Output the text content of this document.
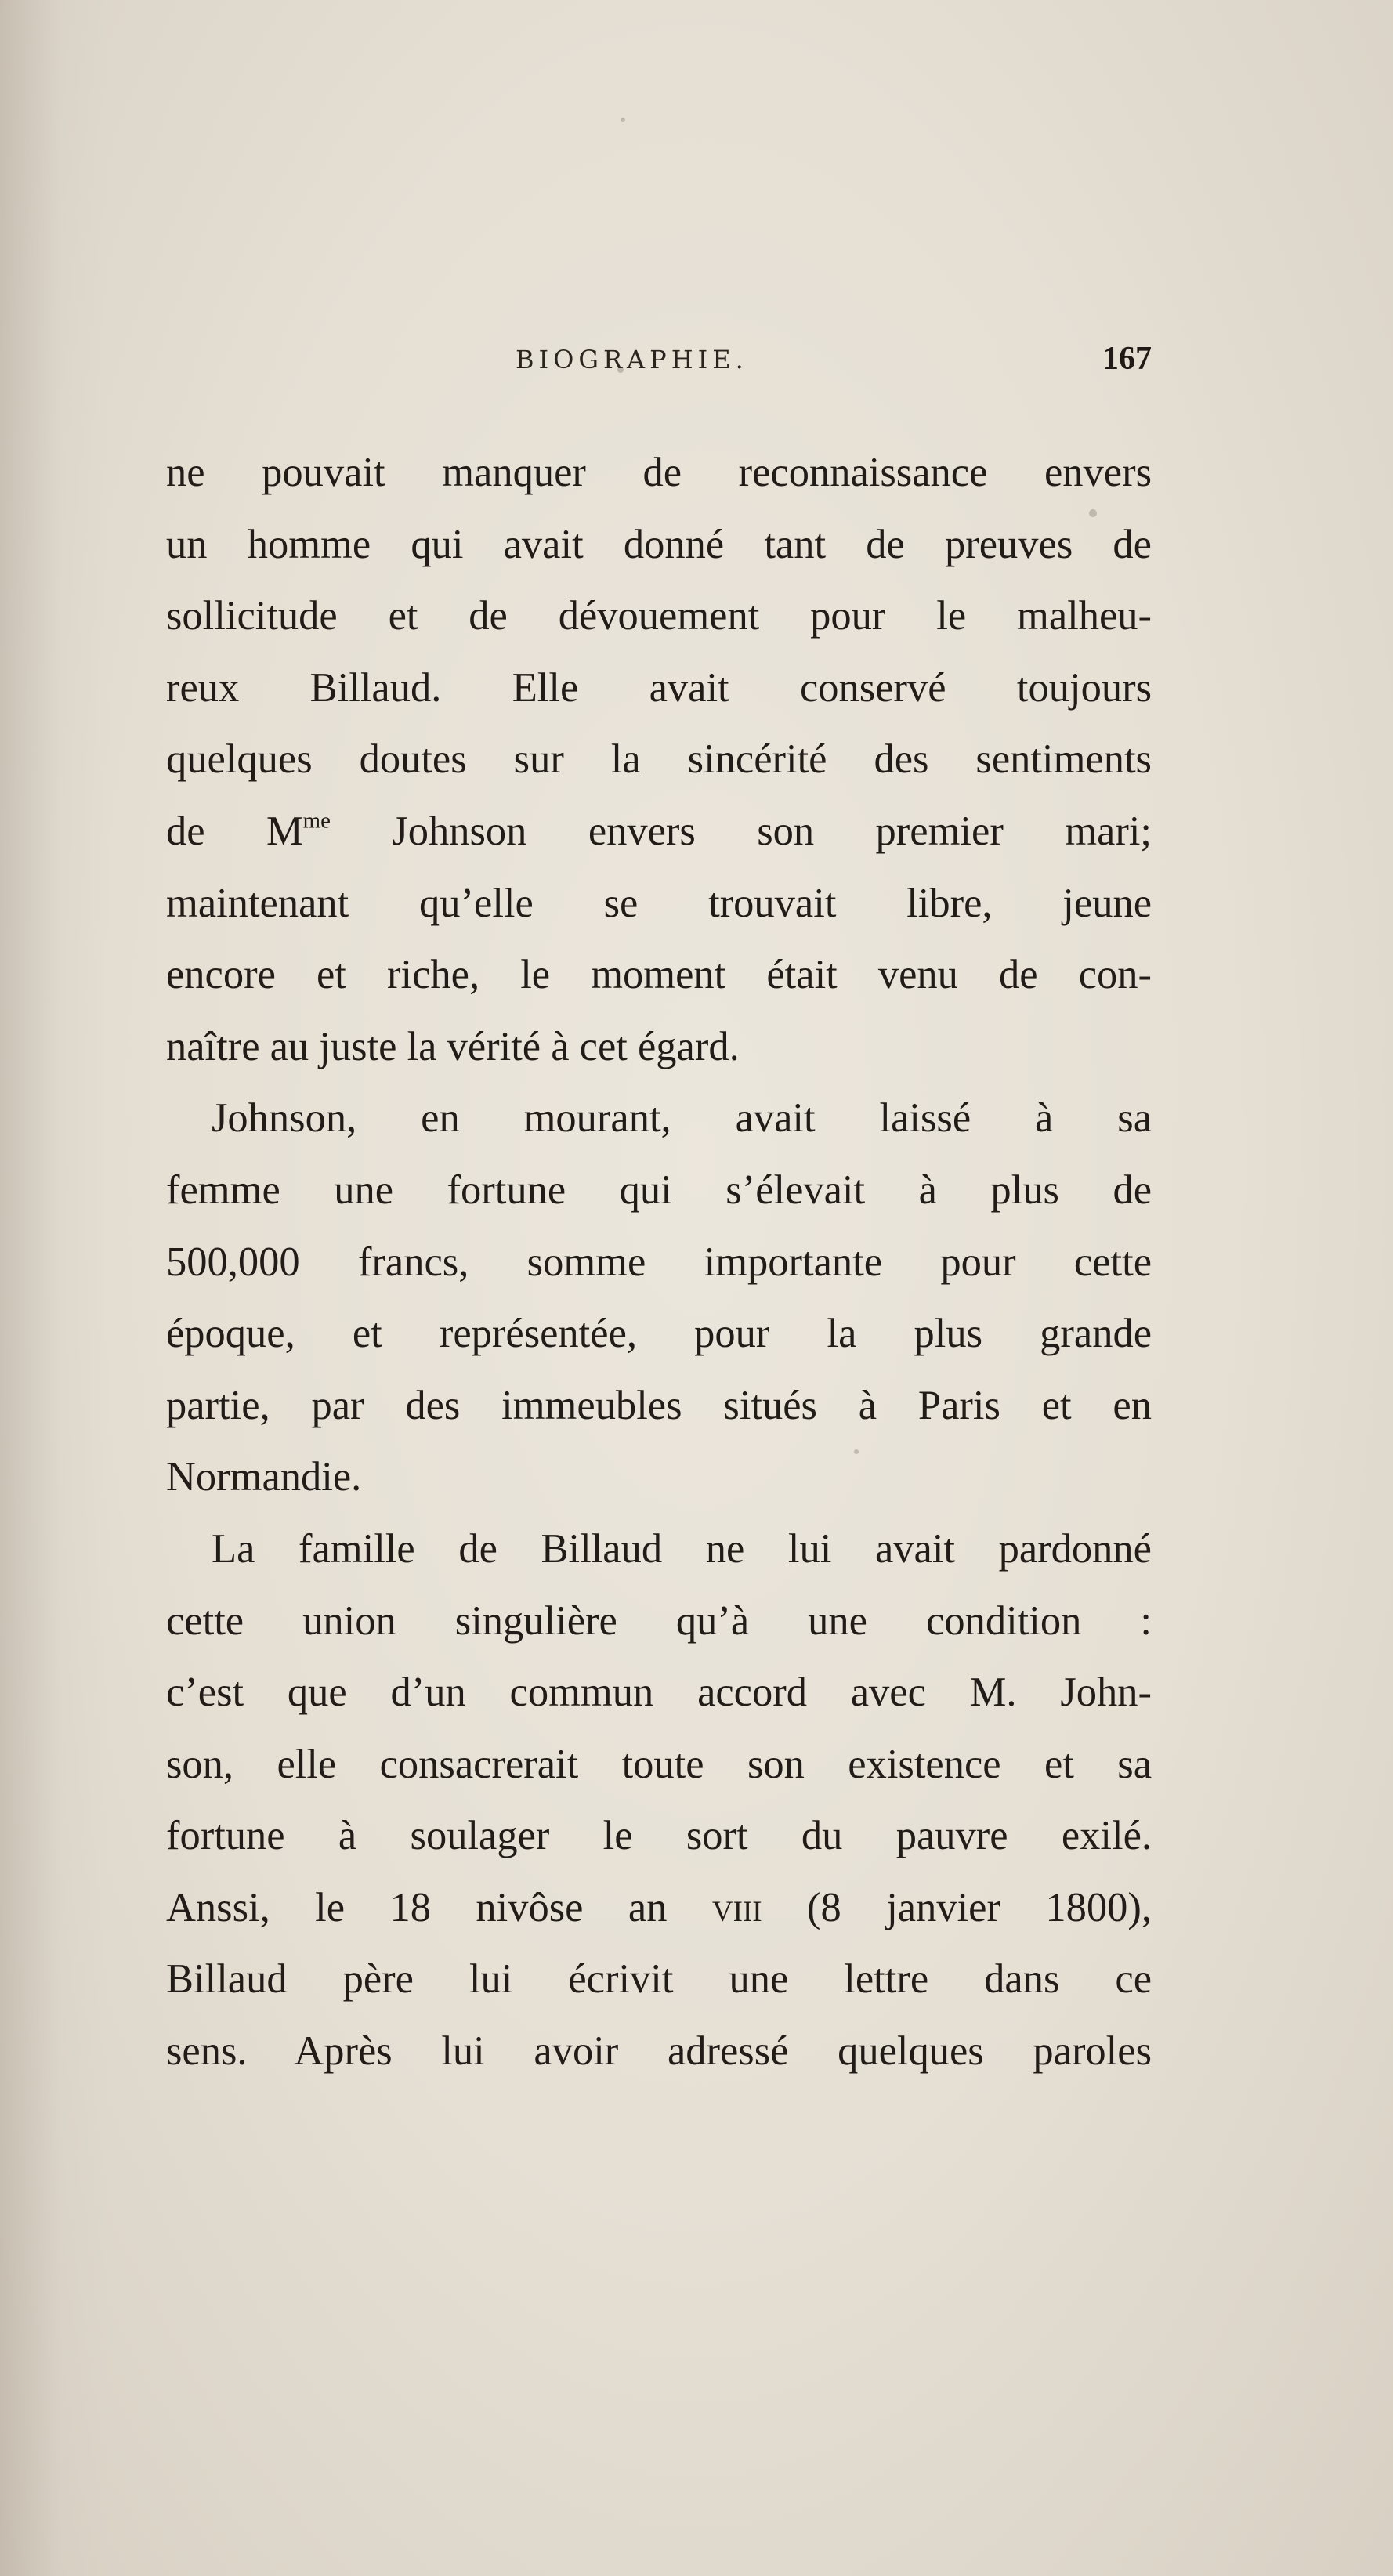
BIOGRAPHIE.	167

ne pouvait manquer de reconnaissance envers

un homme qui avait donné tant de preuves de

sollicitude et de dévouement pour le malheu-

reux Billaud. Elle avait conservé toujours

quelques doutes sur la sincérité des sentiments

de $M^{me}$ Johnson envers son premier mari;

maintenant qu’elle se trouvait libre, jeune

encore et riche, le moment était venu de con-

naître au juste la vérité à cet égard.

Johnson, en mourant, avait laissé à sa

femme une fortune qui s’élevait à plus de

500,000 francs, somme importante pour cette

époque, et représentée, pour la plus grande

partie, par des immeubles situés à Paris et en

Normandie.

La famille de Billaud ne lui avait pardonné

cette union singulière qu’à une condition :

c’est que d’un commun accord avec M. John-

son, elle consacrerait toute son existence et sa

fortune à soulager le sort du pauvre exilé.

Anssi, le 18 nivôse an viii (8 janvier 1800),

Billaud père lui écrivit une lettre dans ce

sens. Après lui avoir adressé quelques paroles
